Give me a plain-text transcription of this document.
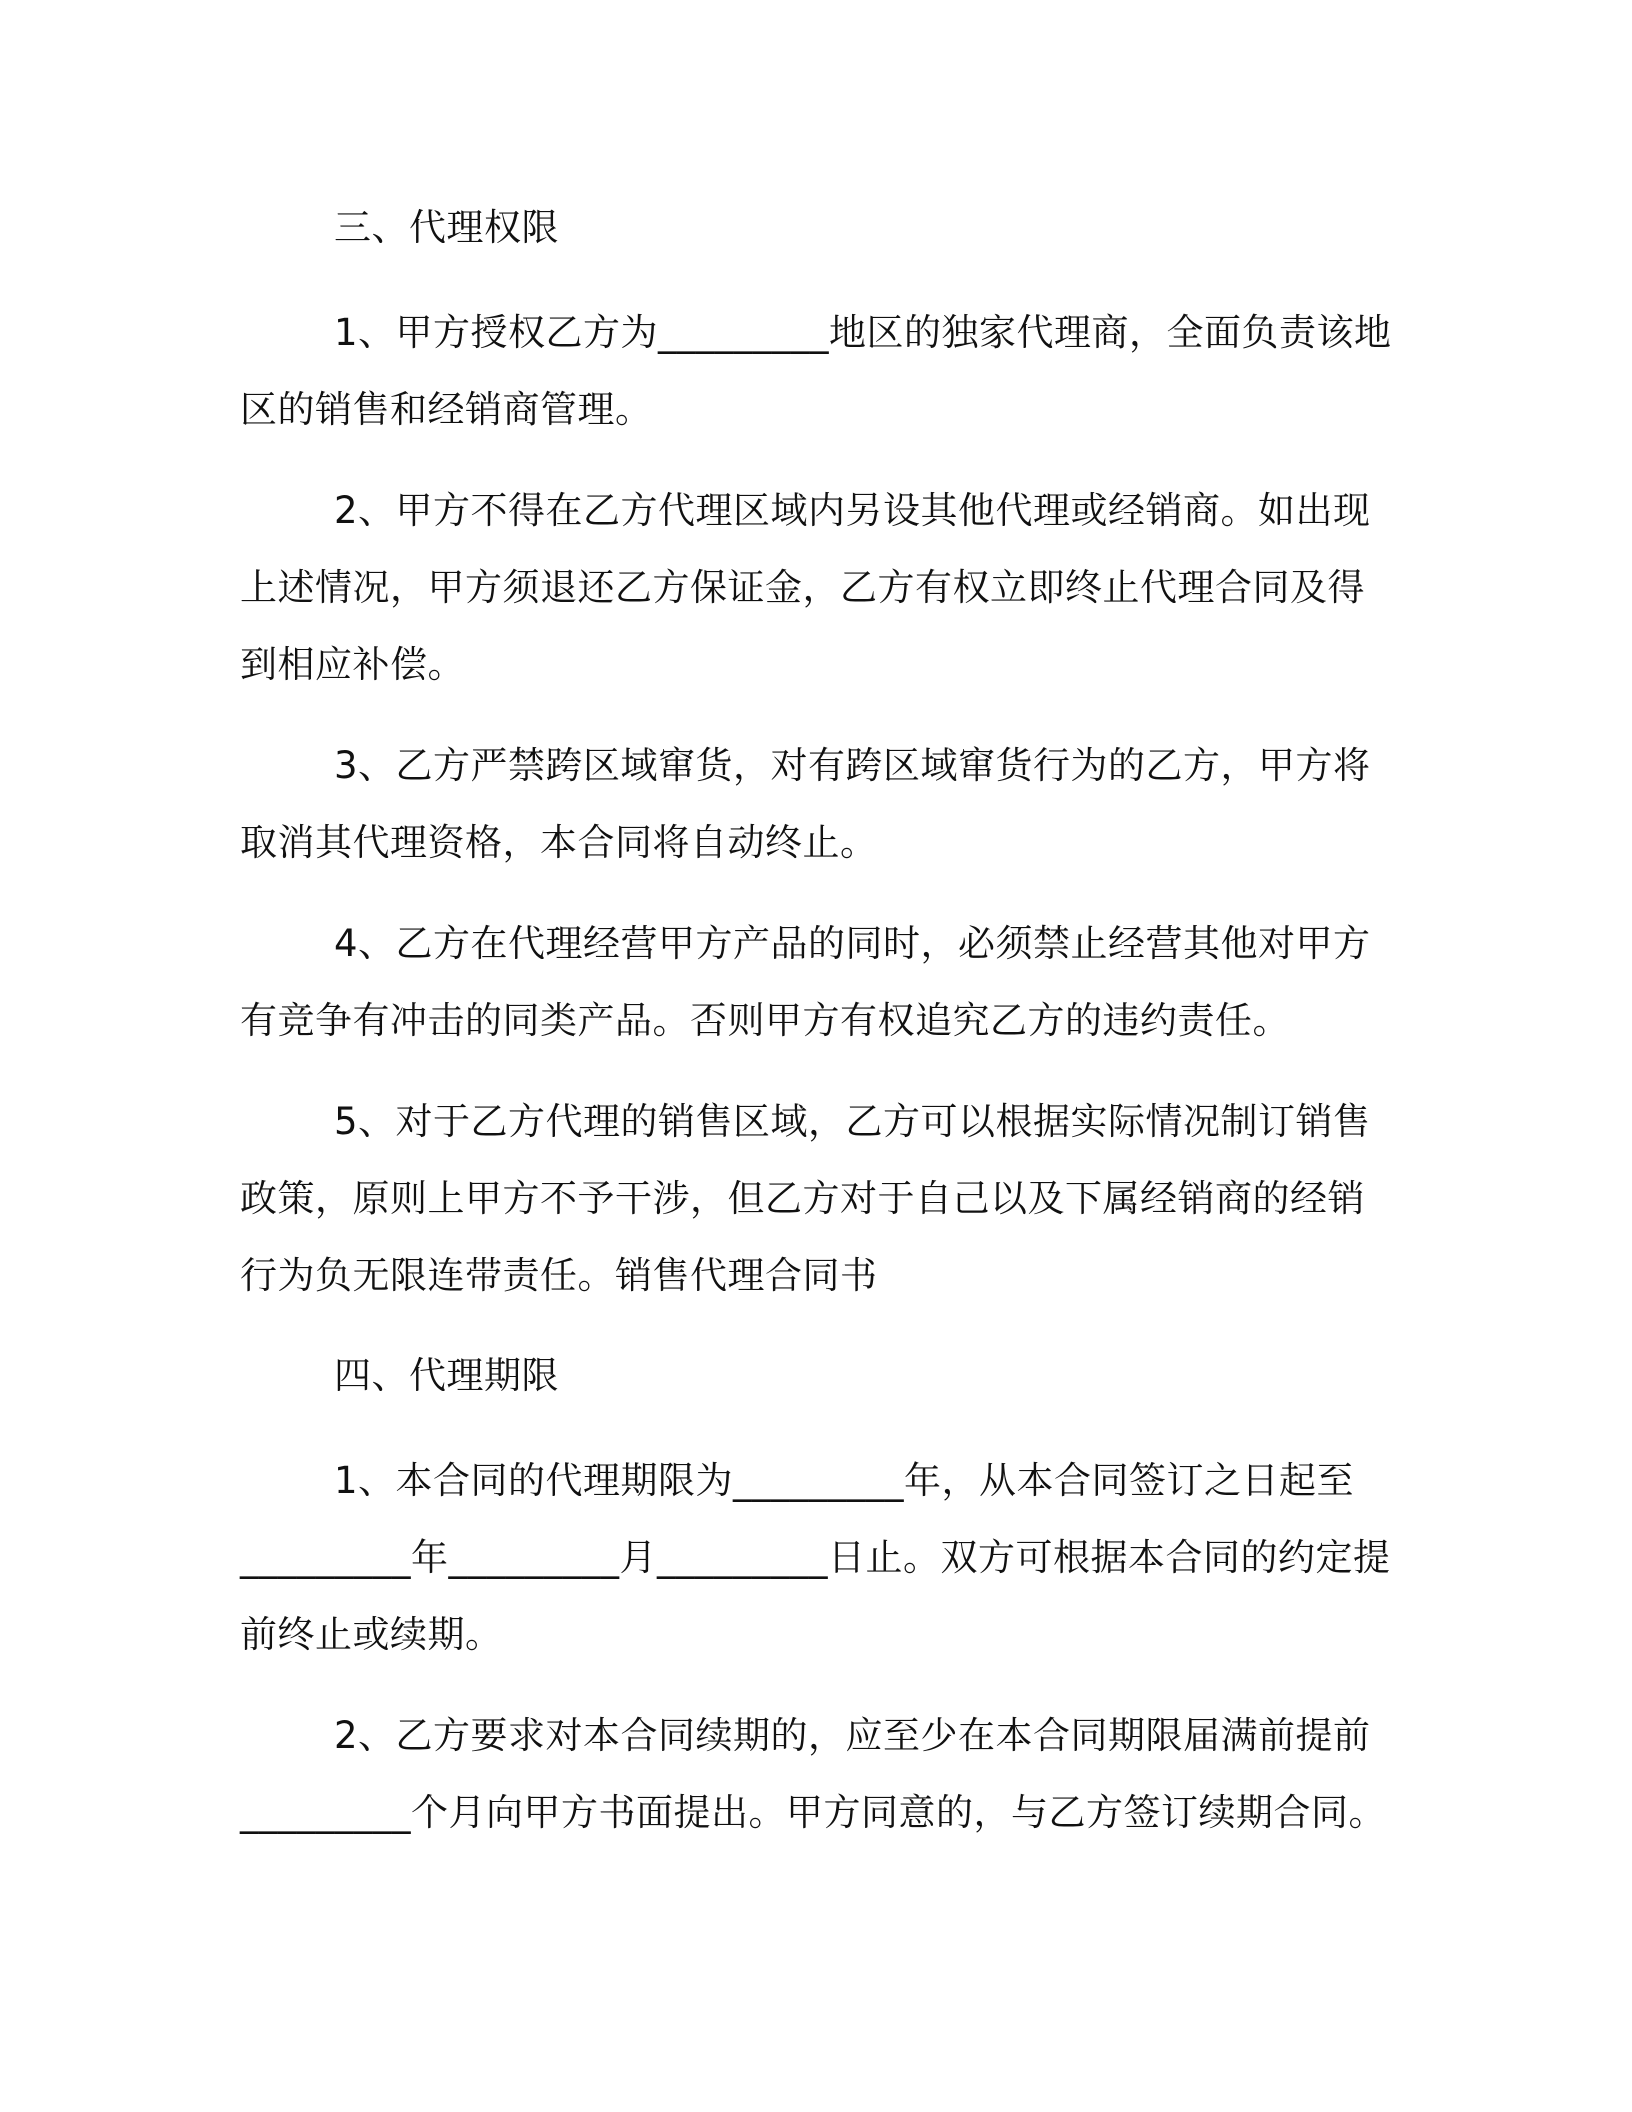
三、代理权限

1、甲方授权乙方为_________地区的独家代理商，全面负责该地区的销售和经销商管理。

2、甲方不得在乙方代理区域内另设其他代理或经销商。如出现上述情况，甲方须退还乙方保证金，乙方有权立即终止代理合同及得到相应补偿。

3、乙方严禁跨区域窜货，对有跨区域窜货行为的乙方，甲方将取消其代理资格，本合同将自动终止。

4、乙方在代理经营甲方产品的同时，必须禁止经营其他对甲方有竞争有冲击的同类产品。否则甲方有权追究乙方的违约责任。

5、对于乙方代理的销售区域，乙方可以根据实际情况制订销售政策，原则上甲方不予干涉，但乙方对于自己以及下属经销商的经销行为负无限连带责任。销售代理合同书

四、代理期限

1、本合同的代理期限为_________年，从本合同签订之日起至_________年_________月_________日止。双方可根据本合同的约定提前终止或续期。

2、乙方要求对本合同续期的，应至少在本合同期限届满前提前_________个月向甲方书面提出。甲方同意的，与乙方签订续期合同。
